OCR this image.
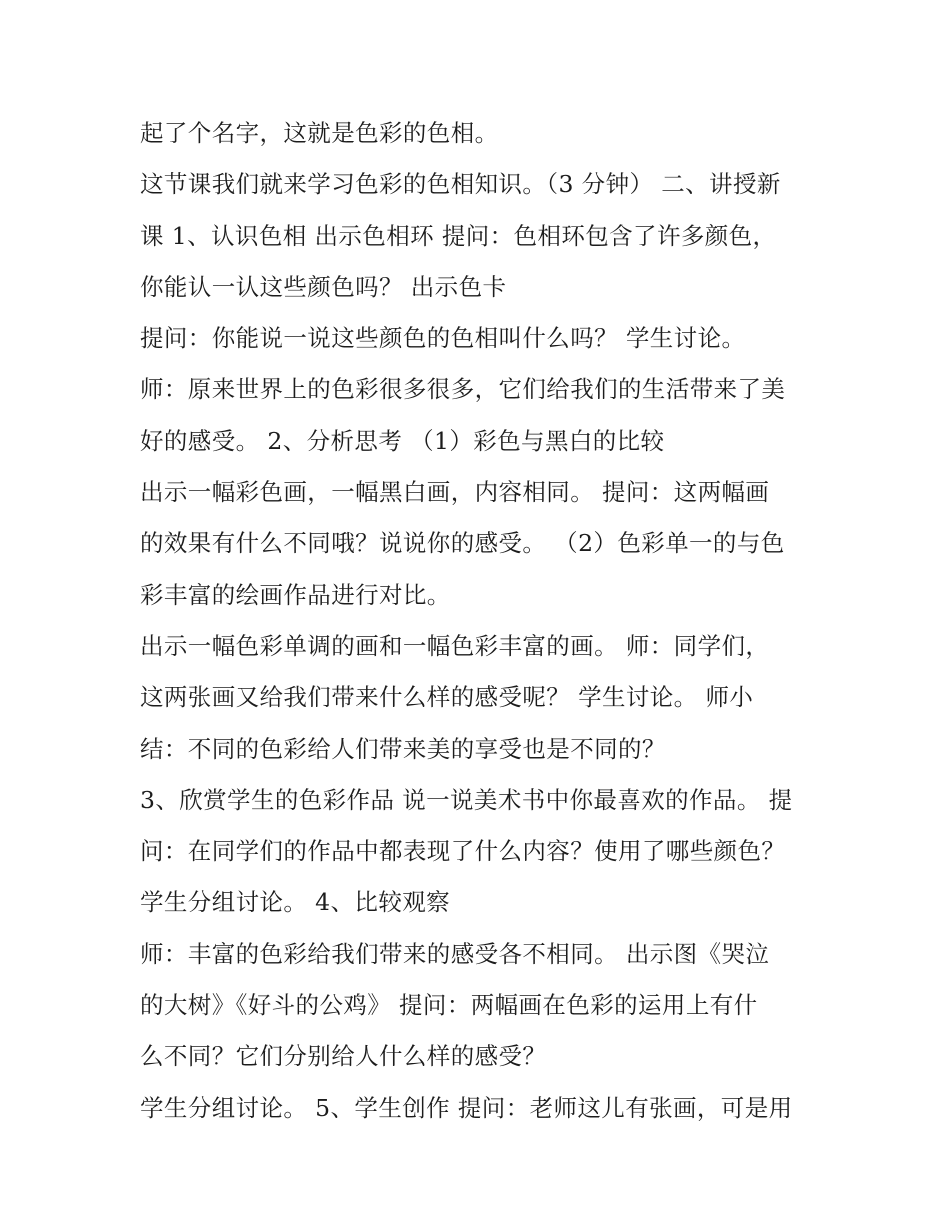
起了个名字，这就是色彩的色相。
这节课我们就来学习色彩的色相知识。（3 分钟） 二、讲授新
课 1、认识色相 出示色相环 提问：色相环包含了许多颜色，
你能认一认这些颜色吗？ 出示色卡
提问：你能说一说这些颜色的色相叫什么吗？ 学生讨论。
师：原来世界上的色彩很多很多，它们给我们的生活带来了美
好的感受。 2、分析思考 （1）彩色与黑白的比较
出示一幅彩色画，一幅黑白画，内容相同。 提问：这两幅画
的效果有什么不同哦？说说你的感受。 （2）色彩单一的与色
彩丰富的绘画作品进行对比。
出示一幅色彩单调的画和一幅色彩丰富的画。 师：同学们，
这两张画又给我们带来什么样的感受呢？ 学生讨论。 师小
结：不同的色彩给人们带来美的享受也是不同的？
3、欣赏学生的色彩作品 说一说美术书中你最喜欢的作品。 提
问：在同学们的作品中都表现了什么内容？使用了哪些颜色？
学生分组讨论。 4、比较观察
师：丰富的色彩给我们带来的感受各不相同。 出示图《哭泣
的大树》《好斗的公鸡》 提问：两幅画在色彩的运用上有什
么不同？它们分别给人什么样的感受？
学生分组讨论。 5、学生创作 提问：老师这儿有张画，可是用
